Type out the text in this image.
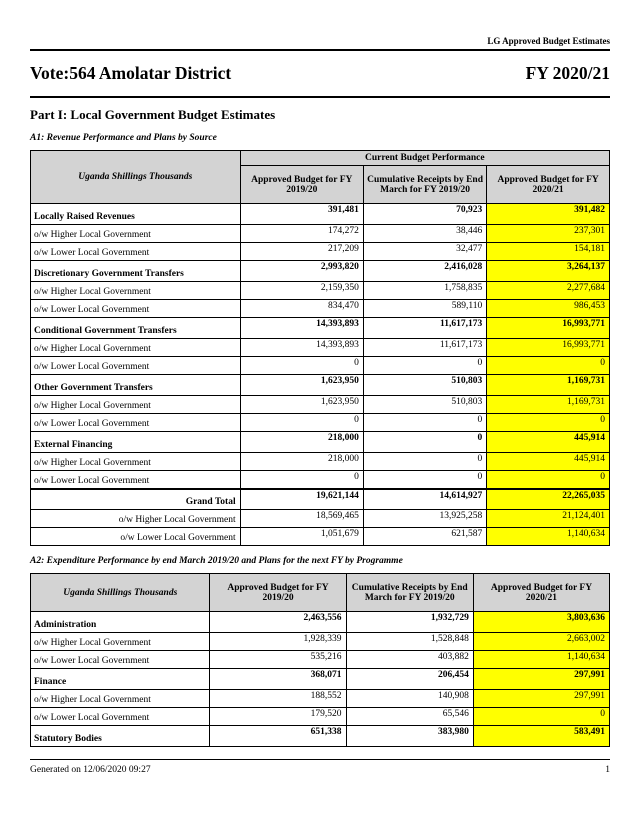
LG Approved Budget Estimates
Vote:564 Amolatar District	FY 2020/21
Part I: Local Government Budget Estimates
A1: Revenue Performance and Plans by Source
Uganda Shillings Thousands	Current Budget Performance		
	Approved Budget for FY 2019/20	Cumulative Receipts by End March for FY 2019/20	Approved Budget for FY 2020/21
Locally Raised Revenues	391,481	70,923	391,482
o/w Higher Local Government	174,272	38,446	237,301
o/w Lower Local Government	217,209	32,477	154,181
Discretionary Government Transfers	2,993,820	2,416,028	3,264,137
o/w Higher Local Government	2,159,350	1,758,835	2,277,684
o/w Lower Local Government	834,470	589,110	986,453
Conditional Government Transfers	14,393,893	11,617,173	16,993,771
o/w Higher Local Government	14,393,893	11,617,173	16,993,771
o/w Lower Local Government	0	0	0
Other Government Transfers	1,623,950	510,803	1,169,731
o/w Higher Local Government	1,623,950	510,803	1,169,731
o/w Lower Local Government	0	0	0
External Financing	218,000	0	445,914
o/w Higher Local Government	218,000	0	445,914
o/w Lower Local Government	0	0	0
Grand Total	19,621,144	14,614,927	22,265,035
o/w Higher Local Government	18,569,465	13,925,258	21,124,401
o/w Lower Local Government	1,051,679	621,587	1,140,634
A2: Expenditure Performance by end March 2019/20 and Plans for the next FY by Programme
Uganda Shillings Thousands	Approved Budget for FY 2019/20	Cumulative Receipts by End March for FY 2019/20	Approved Budget for FY 2020/21
Administration	2,463,556	1,932,729	3,803,636
o/w Higher Local Government	1,928,339	1,528,848	2,663,002
o/w Lower Local Government	535,216	403,882	1,140,634
Finance	368,071	206,454	297,991
o/w Higher Local Government	188,552	140,908	297,991
o/w Lower Local Government	179,520	65,546	0
Statutory Bodies	651,338	383,980	583,491
Generated on 12/06/2020 09:27	1
